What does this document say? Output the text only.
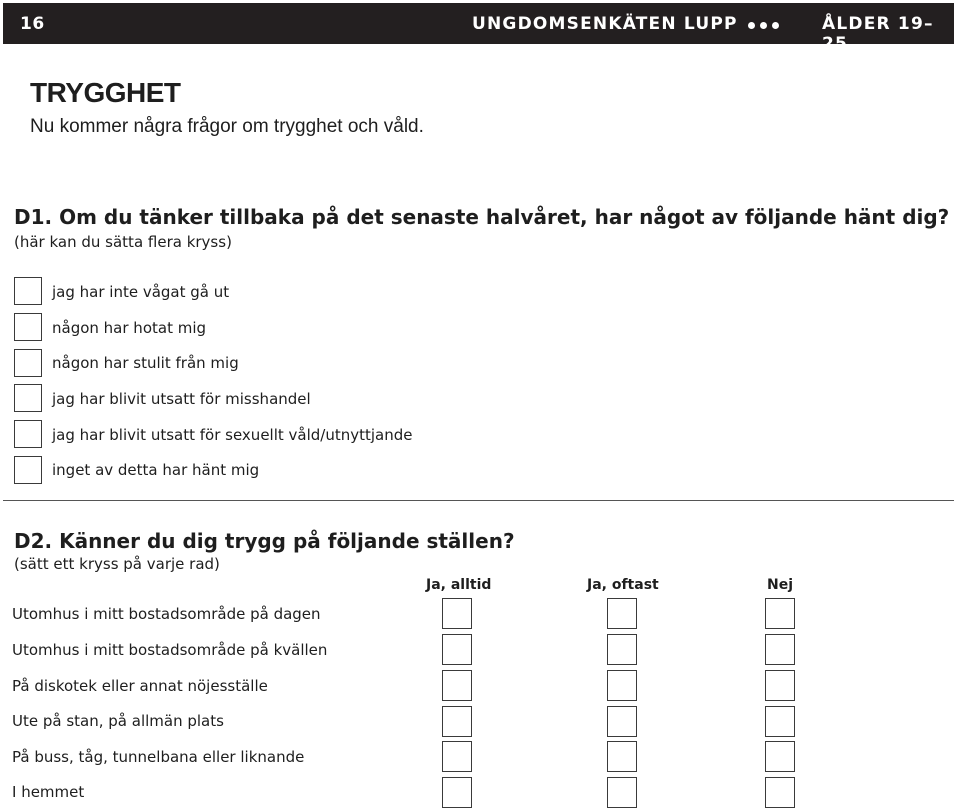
16	UNGDOMSENKÄTEN LUPP	ÅLDER 19–25
TRYGGHET
Nu kommer några frågor om trygghet och våld.
D1. Om du tänker tillbaka på det senaste halvåret, har något av följande hänt dig?
(här kan du sätta flera kryss)
jag har inte vågat gå ut
någon har hotat mig
någon har stulit från mig
jag har blivit utsatt för misshandel
jag har blivit utsatt för sexuellt våld/utnyttjande
inget av detta har hänt mig
D2. Känner du dig trygg på följande ställen?
(sätt ett kryss på varje rad)
Ja, alltid	Ja, oftast	Nej
Utomhus i mitt bostadsområde på dagen
Utomhus i mitt bostadsområde på kvällen
På diskotek eller annat nöjesställe
Ute på stan, på allmän plats
På buss, tåg, tunnelbana eller liknande
I hemmet
